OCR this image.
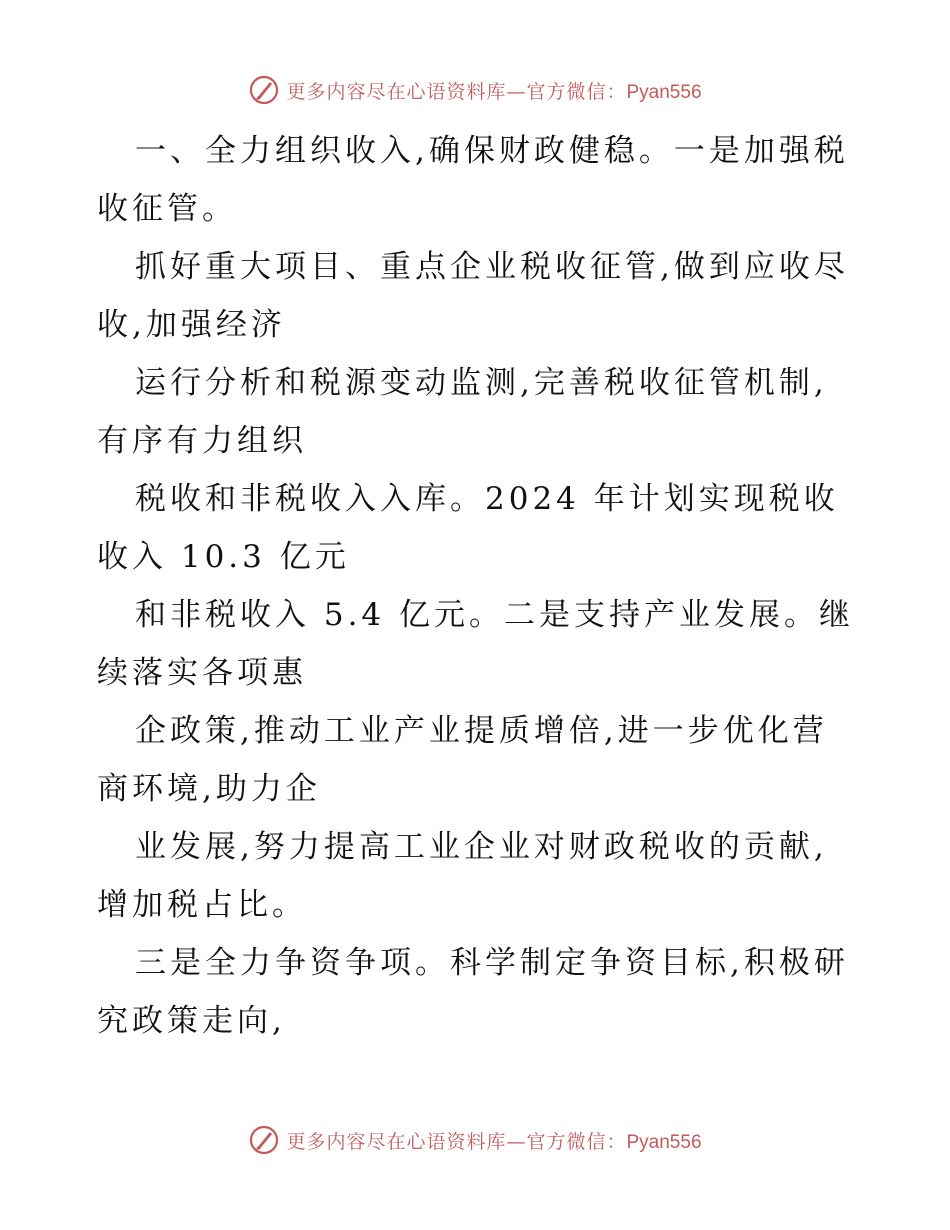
更多内容尽在心语资料库—官方微信：Pyan556

一、全力组织收入,确保财政健稳。一是加强税收征管。

抓好重大项目、重点企业税收征管,做到应收尽收,加强经济

运行分析和税源变动监测,完善税收征管机制,有序有力组织

税收和非税收入入库。2024 年计划实现税收收入 10.3 亿元

和非税收入 5.4 亿元。二是支持产业发展。继续落实各项惠

企政策,推动工业产业提质增倍,进一步优化营商环境,助力企

业发展,努力提高工业企业对财政税收的贡献,增加税占比。

三是全力争资争项。科学制定争资目标,积极研究政策走向,

更多内容尽在心语资料库—官方微信：Pyan556
